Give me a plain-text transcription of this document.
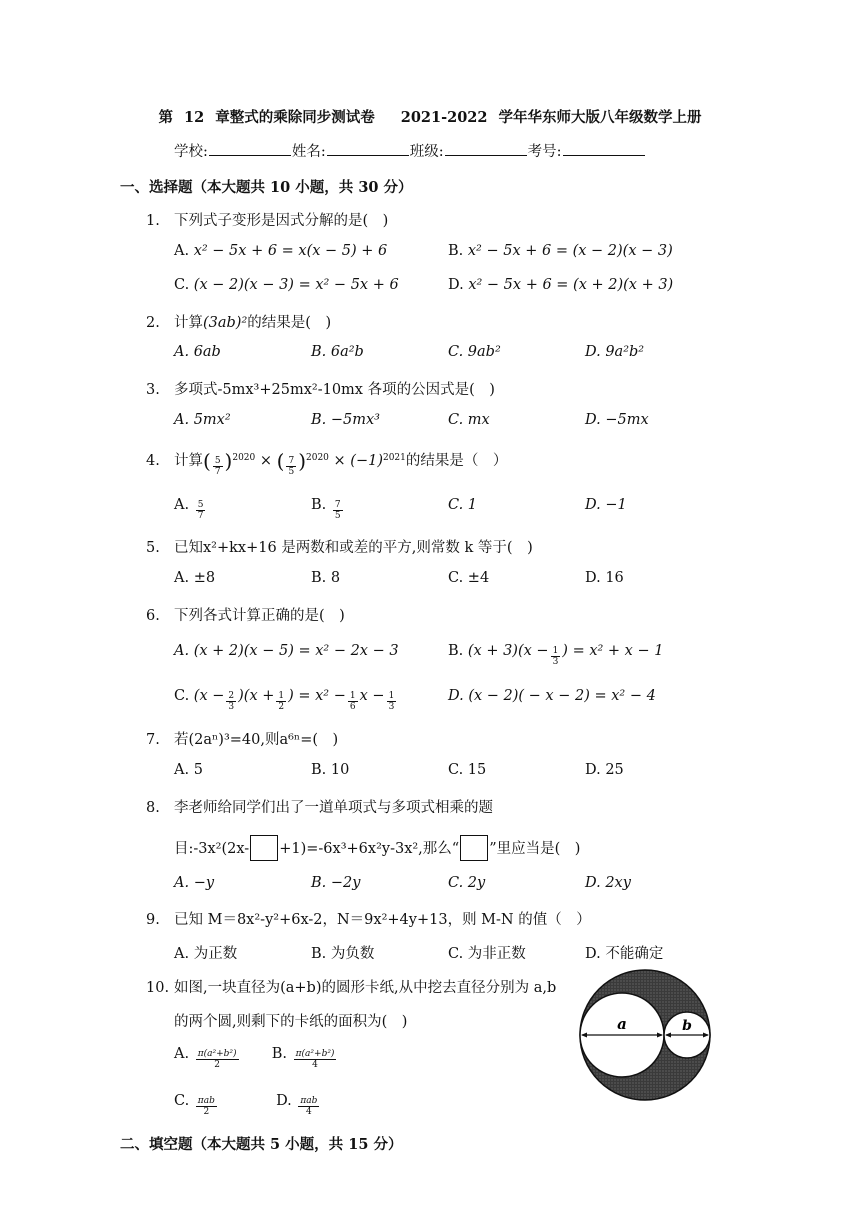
第 12 章整式的乘除同步测试卷 2021-2022 学年华东师大版八年级数学上册
学校:	姓名:	班级:	考号:
一、选择题（本大题共 10 小题，共 30 分）
1. 下列式子变形是因式分解的是(　)
A. x² − 5x + 6 = x(x − 5) + 6	B. x² − 5x + 6 = (x − 2)(x − 3)
C. (x − 2)(x − 3) = x² − 5x + 6	D. x² − 5x + 6 = (x + 2)(x + 3)
2. 计算(3ab)²的结果是(　)
A. 6ab	B. 6a²b	C. 9ab²	D. 9a²b²
3. 多项式-5mx³+25mx²-10mx 各项的公因式是(　)
A. 5mx²	B. −5mx³	C. mx	D. −5mx
4. 计算( $\frac{5}{7} )^{2020}$ × ( $\frac{7}{5} )^{2020} \times (-1)^{2021}$的结果是（　）
A. $\frac{5}{7}$	B. $\frac{7}{5}$	C. 1	D. −1
5. 已知x²+kx+16 是两数和或差的平方,则常数 k 等于(　)
A. ±8	B. 8	C. ±4	D. 16
6. 下列各式计算正确的是(　)
A. (x + 2)(x − 5) = x² − 2x − 3	B. $(x + 3)(x - \frac{1}{3}$ ) = x² + x − 1
C. $(x - \frac{2}{3} )(x + \frac{1}{2}$ ) = $x^2 - \frac{1}{6}$ $x - \frac{1}{3}$	D. (x − 2)( − x − 2) = x² − 4
7. 若(2aⁿ)³=40,则a⁶ⁿ=(　)
A. 5	B. 10	C. 15	D. 25
8. 李老师给同学们出了一道单项式与多项式相乘的题
目:-3x²(2x- +1)=-6x³+6x²y-3x²,那么“ ”里应当是(　)
A. −y	B. −2y	C. 2y	D. 2xy
9. 已知 M＝8x²-y²+6x-2，N＝9x²+4y+13，则 M-N 的值（　）
A. 为正数	B. 为负数	C. 为非正数	D. 不能确定
10. 如图,一块直径为(a+b)的圆形卡纸,从中挖去直径分别为 a,b
的两个圆,则剩下的卡纸的面积为(　)
A. $\frac{\text{π(a²+b²)}}{2} B$. $\frac{\text{π(a²+b²)}}{4}$
C. $\frac{\text{πab}}{2}$	D. $\frac{\text{πab}}{4}$
a	b
二、填空题（本大题共 5 小题，共 15 分）
